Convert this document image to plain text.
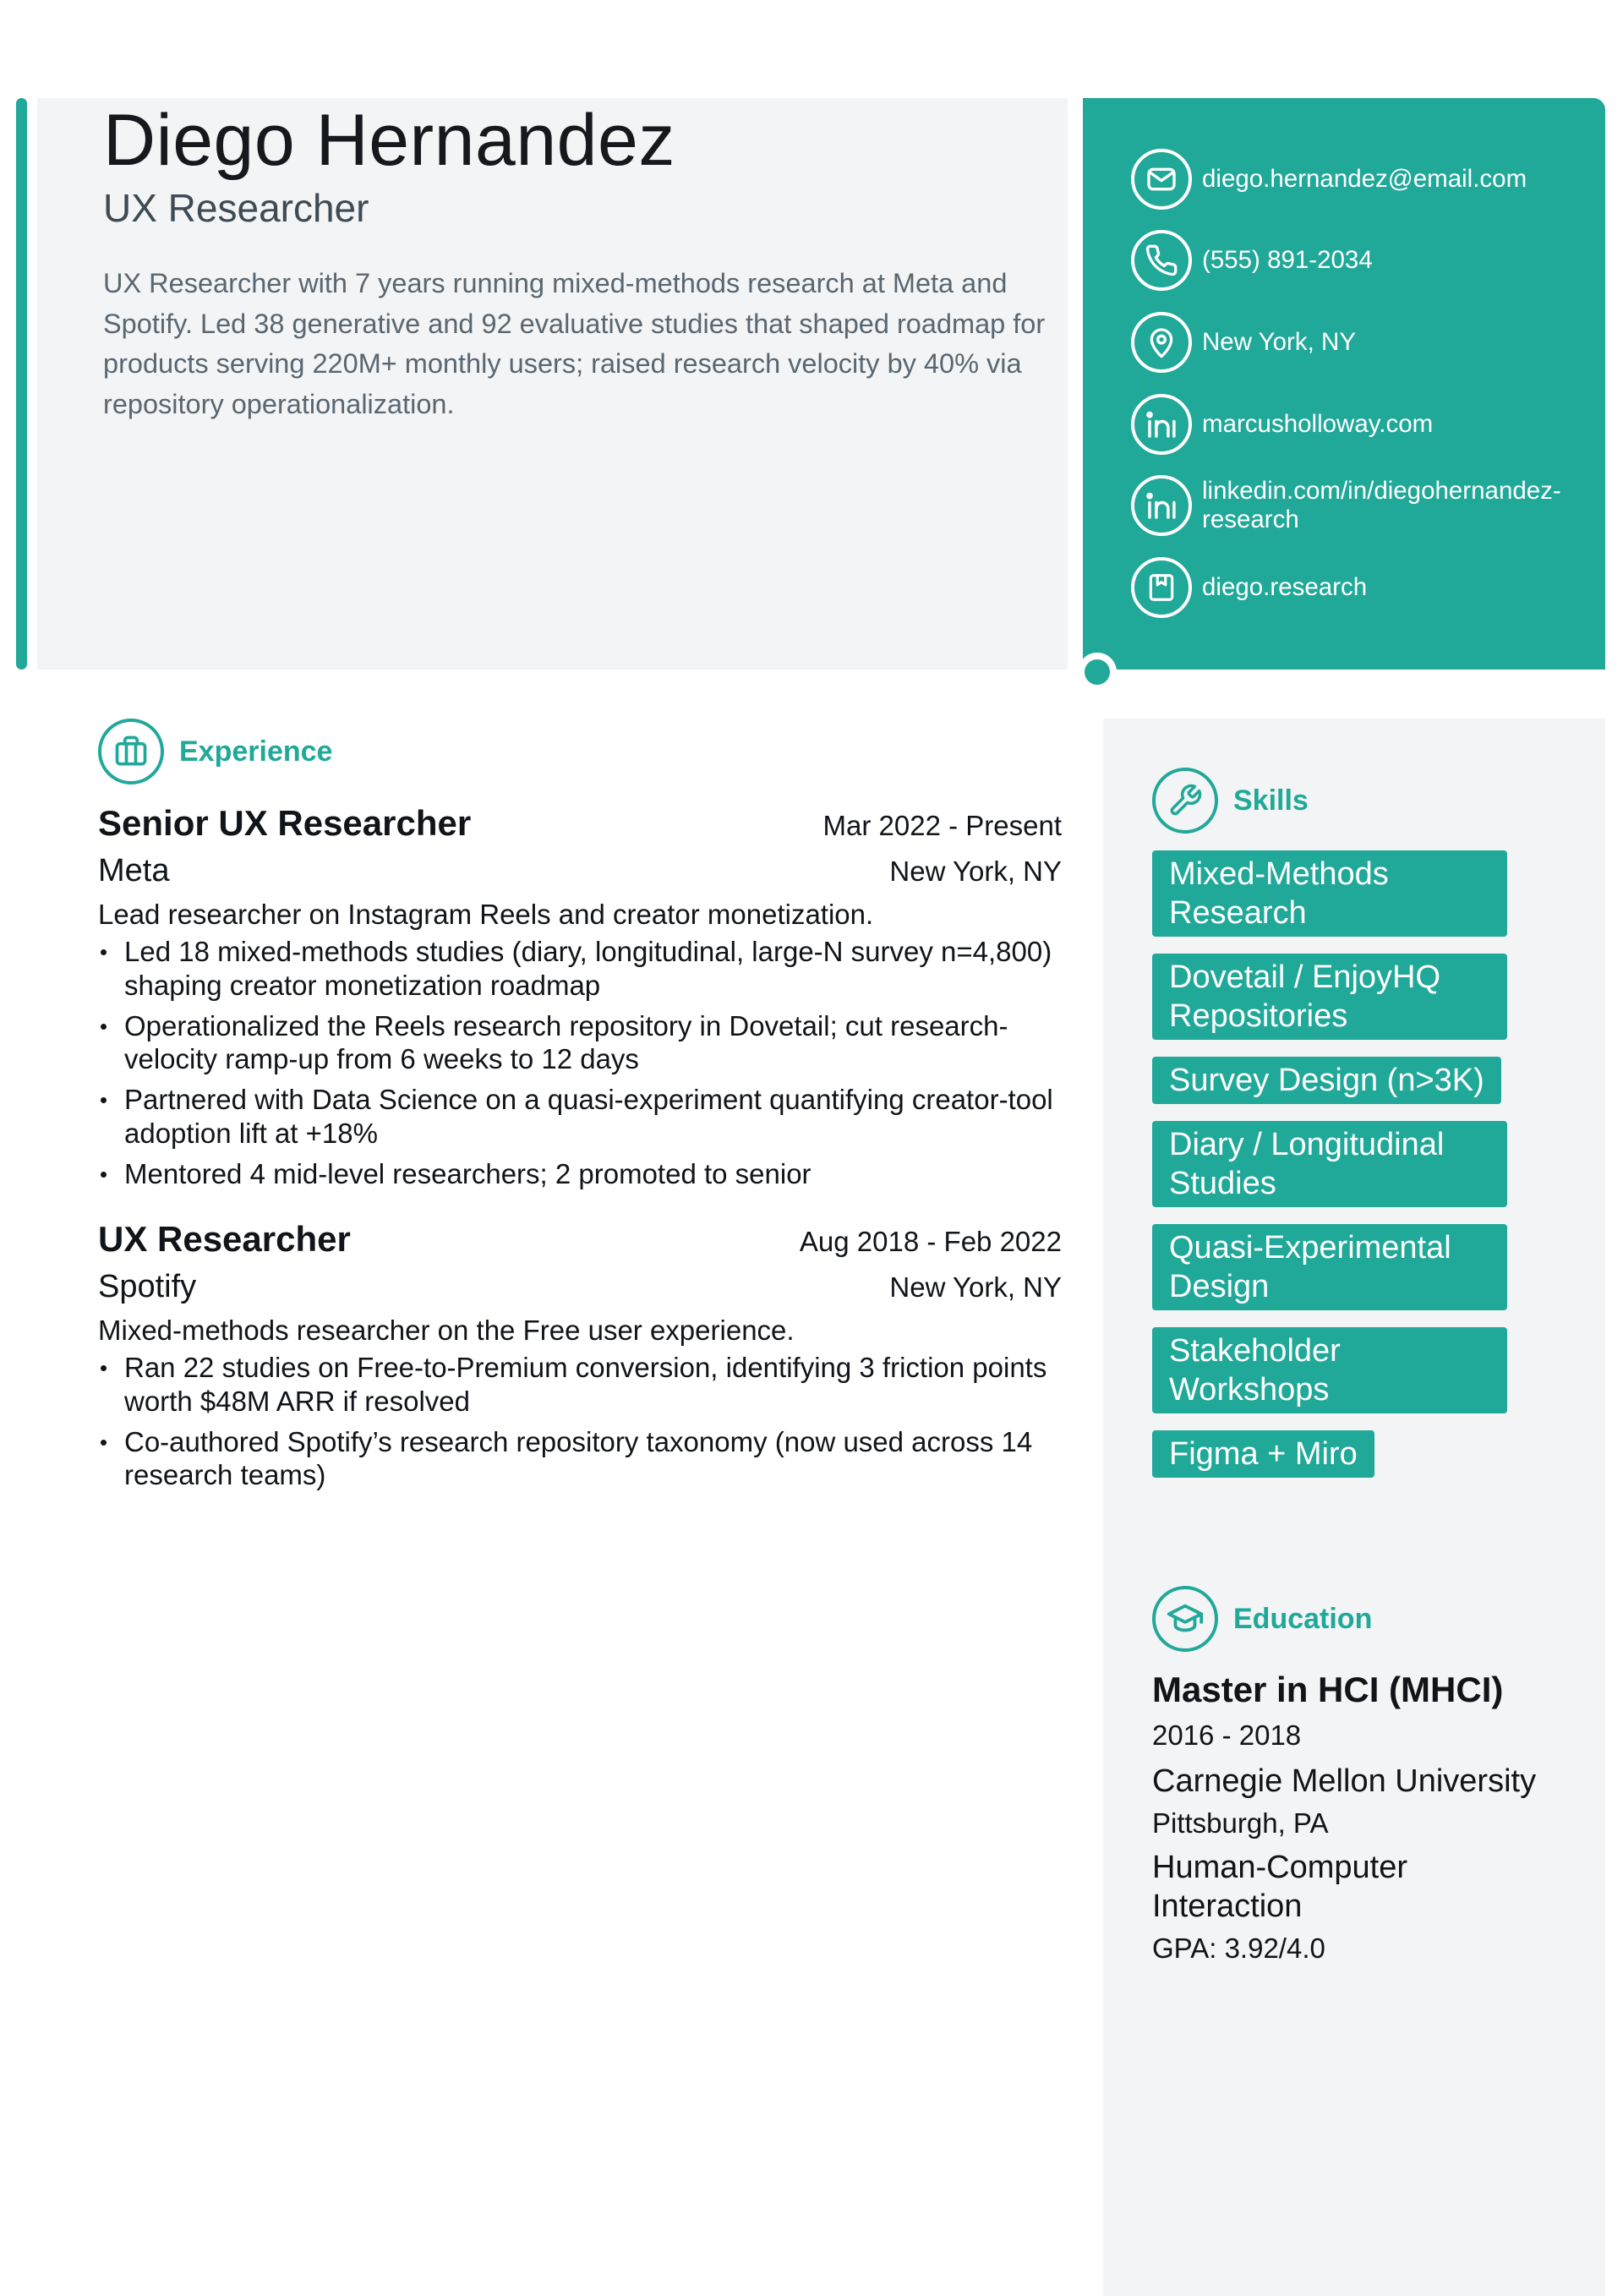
Diego Hernandez
UX Researcher

UX Researcher with 7 years running mixed-methods research at Meta and Spotify. Led 38 generative and 92 evaluative studies that shaped roadmap for products serving 220M+ monthly users; raised research velocity by 40% via repository operationalization.

diego.hernandez@email.com
(555) 891-2034
New York, NY
marcusholloway.com
linkedin.com/in/diegohernandez-research
diego.research
Skills
Mixed-Methods Research
Dovetail / EnjoyHQ Repositories
Survey Design (n>3K)
Diary / Longitudinal Studies
Quasi-Experimental Design
Stakeholder Workshops
Figma + Miro
Education
Master in HCI (MHCI)
2016 - 2018
Carnegie Mellon University
Pittsburgh, PA
Human-Computer Interaction
GPA: 3.92/4.0
Experience
Senior UX Researcher	Mar 2022 - Present
Meta	New York, NY

Lead researcher on Instagram Reels and creator monetization.

Led 18 mixed-methods studies (diary, longitudinal, large-N survey n=4,800) shaping creator monetization roadmap
Operationalized the Reels research repository in Dovetail; cut research-velocity ramp-up from 6 weeks to 12 days
Partnered with Data Science on a quasi-experiment quantifying creator-tool adoption lift at +18%
Mentored 4 mid-level researchers; 2 promoted to senior
UX Researcher	Aug 2018 - Feb 2022
Spotify	New York, NY

Mixed-methods researcher on the Free user experience.

Ran 22 studies on Free-to-Premium conversion, identifying 3 friction points worth $48M ARR if resolved
Co-authored Spotify’s research repository taxonomy (now used across 14 research teams)
